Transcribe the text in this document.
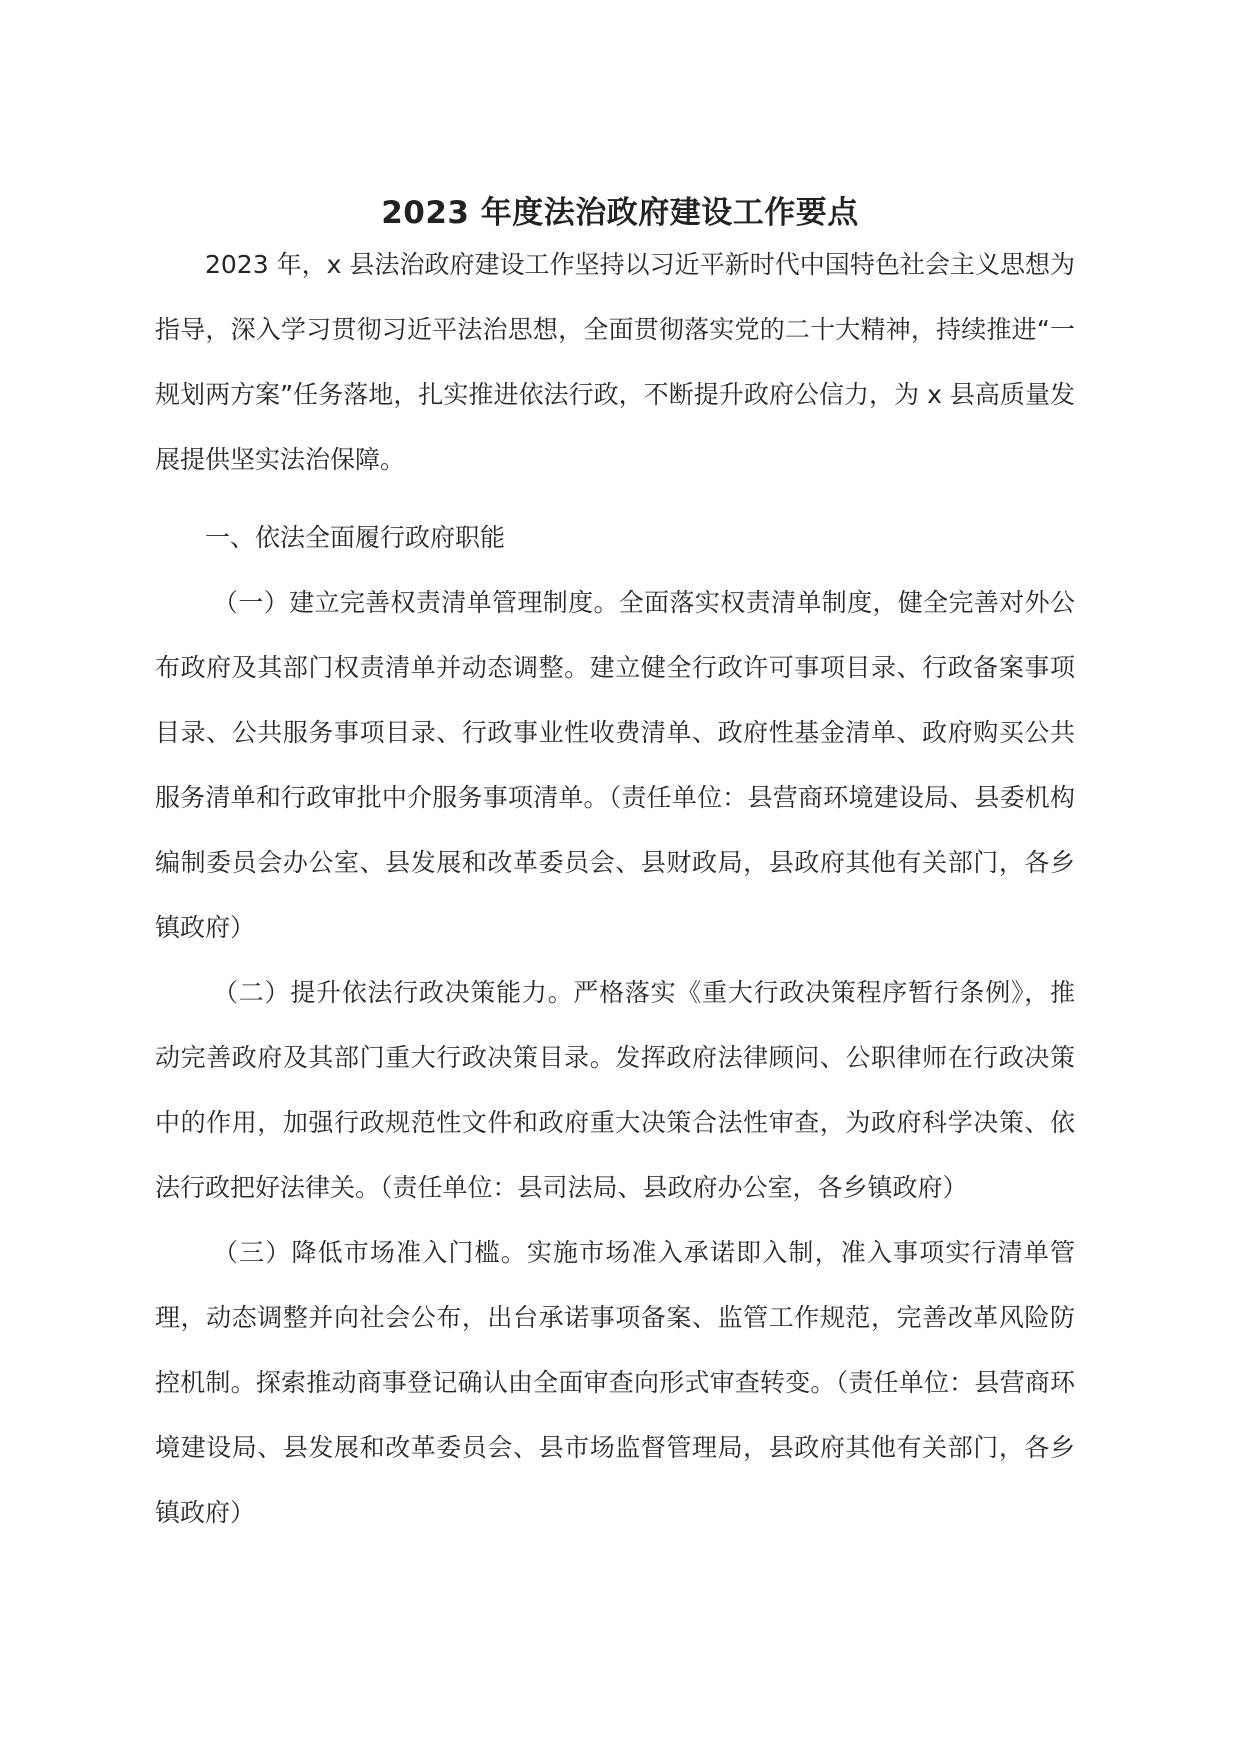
2023 年度法治政府建设工作要点

2023 年，x 县法治政府建设工作坚持以习近平新时代中国特色社会主义思想为指导，深入学习贯彻习近平法治思想，全面贯彻落实党的二十大精神，持续推进“一规划两方案”任务落地，扎实推进依法行政，不断提升政府公信力，为 x 县高质量发展提供坚实法治保障。

一、依法全面履行政府职能

（一）建立完善权责清单管理制度。全面落实权责清单制度，健全完善对外公布政府及其部门权责清单并动态调整。建立健全行政许可事项目录、行政备案事项目录、公共服务事项目录、行政事业性收费清单、政府性基金清单、政府购买公共服务清单和行政审批中介服务事项清单。（责任单位：县营商环境建设局、县委机构编制委员会办公室、县发展和改革委员会、县财政局，县政府其他有关部门，各乡镇政府）

（二）提升依法行政决策能力。严格落实《重大行政决策程序暂行条例》，推动完善政府及其部门重大行政决策目录。发挥政府法律顾问、公职律师在行政决策中的作用，加强行政规范性文件和政府重大决策合法性审查，为政府科学决策、依法行政把好法律关。（责任单位：县司法局、县政府办公室，各乡镇政府）

（三）降低市场准入门槛。实施市场准入承诺即入制，准入事项实行清单管理，动态调整并向社会公布，出台承诺事项备案、监管工作规范，完善改革风险防控机制。探索推动商事登记确认由全面审查向形式审查转变。（责任单位：县营商环境建设局、县发展和改革委员会、县市场监督管理局，县政府其他有关部门，各乡镇政府）
